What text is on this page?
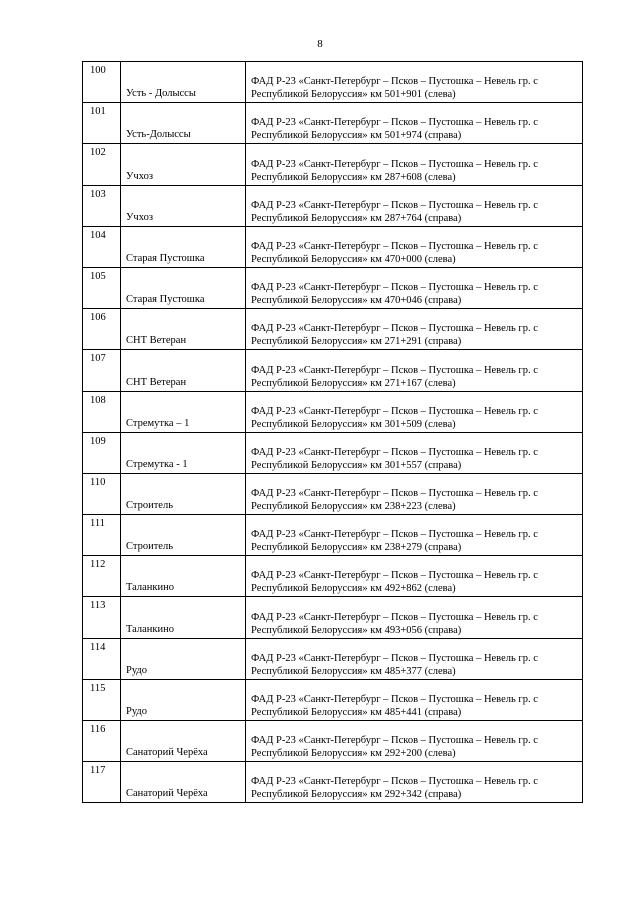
8
100	Усть - Долыссы	ФАД Р-23 «Санкт-Петербург – Псков – Пустошка – Невель гр. с
Республикой Белоруссия» км 501+901 (слева)

101	Усть-Долыссы	ФАД Р-23 «Санкт-Петербург – Псков – Пустошка – Невель гр. с
Республикой Белоруссия» км 501+974 (справа)

102	Учхоз	ФАД Р-23 «Санкт-Петербург – Псков – Пустошка – Невель гр. с
Республикой Белоруссия» км 287+608 (слева)

103	Учхоз	ФАД Р-23 «Санкт-Петербург – Псков – Пустошка – Невель гр. с
Республикой Белоруссия» км 287+764 (справа)

104	Старая Пустошка	ФАД Р-23 «Санкт-Петербург – Псков – Пустошка – Невель гр. с
Республикой Белоруссия» км 470+000 (слева)

105	Старая Пустошка	ФАД Р-23 «Санкт-Петербург – Псков – Пустошка – Невель гр. с
Республикой Белоруссия» км 470+046 (справа)

106	СНТ Ветеран	ФАД Р-23 «Санкт-Петербург – Псков – Пустошка – Невель гр. с
Республикой Белоруссия» км 271+291 (справа)

107	СНТ Ветеран	ФАД Р-23 «Санкт-Петербург – Псков – Пустошка – Невель гр. с
Республикой Белоруссия» км 271+167 (слева)

108	Стремутка – 1	ФАД Р-23 «Санкт-Петербург – Псков – Пустошка – Невель гр. с
Республикой Белоруссия» км 301+509 (слева)

109	Стремутка - 1	ФАД Р-23 «Санкт-Петербург – Псков – Пустошка – Невель гр. с
Республикой Белоруссия» км 301+557 (справа)

110	Строитель	ФАД Р-23 «Санкт-Петербург – Псков – Пустошка – Невель гр. с
Республикой Белоруссия» км 238+223 (слева)

111	Строитель	ФАД Р-23 «Санкт-Петербург – Псков – Пустошка – Невель гр. с
Республикой Белоруссия» км 238+279 (справа)

112	Таланкино	ФАД Р-23 «Санкт-Петербург – Псков – Пустошка – Невель гр. с
Республикой Белоруссия» км 492+862 (слева)

113	Таланкино	ФАД Р-23 «Санкт-Петербург – Псков – Пустошка – Невель гр. с
Республикой Белоруссия» км 493+056 (справа)

114	Рудо	ФАД Р-23 «Санкт-Петербург – Псков – Пустошка – Невель гр. с
Республикой Белоруссия» км 485+377 (слева)

115	Рудо	ФАД Р-23 «Санкт-Петербург – Псков – Пустошка – Невель гр. с
Республикой Белоруссия» км 485+441 (справа)

116	Санаторий Черёха	ФАД Р-23 «Санкт-Петербург – Псков – Пустошка – Невель гр. с
Республикой Белоруссия» км 292+200 (слева)

117	Санаторий Черёха	ФАД Р-23 «Санкт-Петербург – Псков – Пустошка – Невель гр. с
Республикой Белоруссия» км 292+342 (справа)
